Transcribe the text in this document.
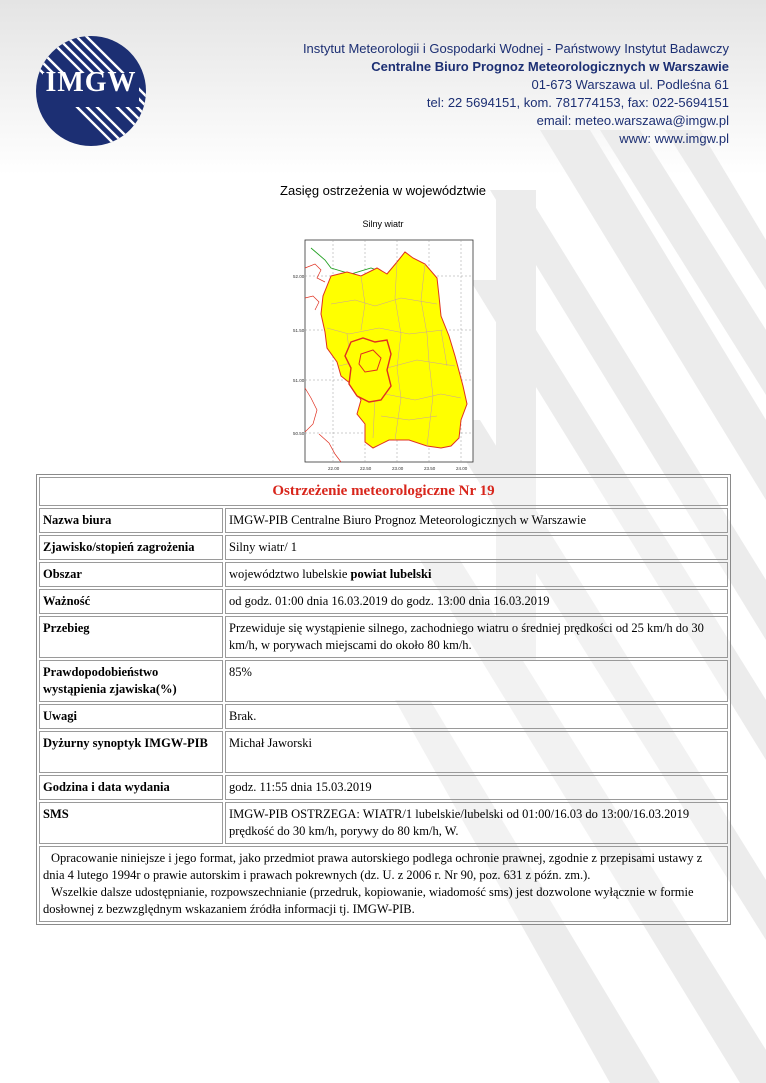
IMGW
Instytut Meteorologii i Gospodarki Wodnej - Państwowy Instytut Badawczy
Centralne Biuro Prognoz Meteorologicznych w Warszawie
01-673 Warszawa ul. Podleśna 61
tel: 22 5694151, kom. 781774153, fax: 022-5694151
email: meteo.warszawa@imgw.pl
www: www.imgw.pl
Zasięg ostrzeżenia w województwie
Silny wiatr
52.00
51.50
51.00
50.50
22.00	22.50	23.00	23.50	24.00
Ostrzeżenie meteorologiczne Nr 19	
Nazwa biura	IMGW-PIB Centralne Biuro Prognoz Meteorologicznych w Warszawie
Zjawisko/stopień zagrożenia	Silny wiatr/ 1
Obszar	województwo lubelskie powiat lubelski
Ważność	od godz. 01:00 dnia 16.03.2019 do godz. 13:00 dnia 16.03.2019
Przebieg	Przewiduje się wystąpienie silnego, zachodniego wiatru o średniej prędkości od 25 km/h do 30 km/h, w porywach miejscami do około 80 km/h.
Prawdopodobieństwo wystąpienia zjawiska(%)	85%
Uwagi	Brak.
Dyżurny synoptyk IMGW-PIB	Michał Jaworski
Godzina i data wydania	godz. 11:55 dnia 15.03.2019
SMS	IMGW-PIB OSTRZEGA: WIATR/1 lubelskie/lubelski od 01:00/16.03 do 13:00/16.03.2019 prędkość do 30 km/h, porywy do 80 km/h, W.
Opracowanie niniejsze i jego format, jako przedmiot prawa autorskiego podlega ochronie prawnej, zgodnie z przepisami ustawy z dnia 4 lutego 1994r o prawie autorskim i prawach pokrewnych (dz. U. z 2006 r. Nr 90, poz. 631 z późn. zm.).
Wszelkie dalsze udostępnianie, rozpowszechnianie (przedruk, kopiowanie, wiadomość sms) jest dozwolone wyłącznie w formie dosłownej z bezwzględnym wskazaniem źródła informacji tj. IMGW-PIB.	
